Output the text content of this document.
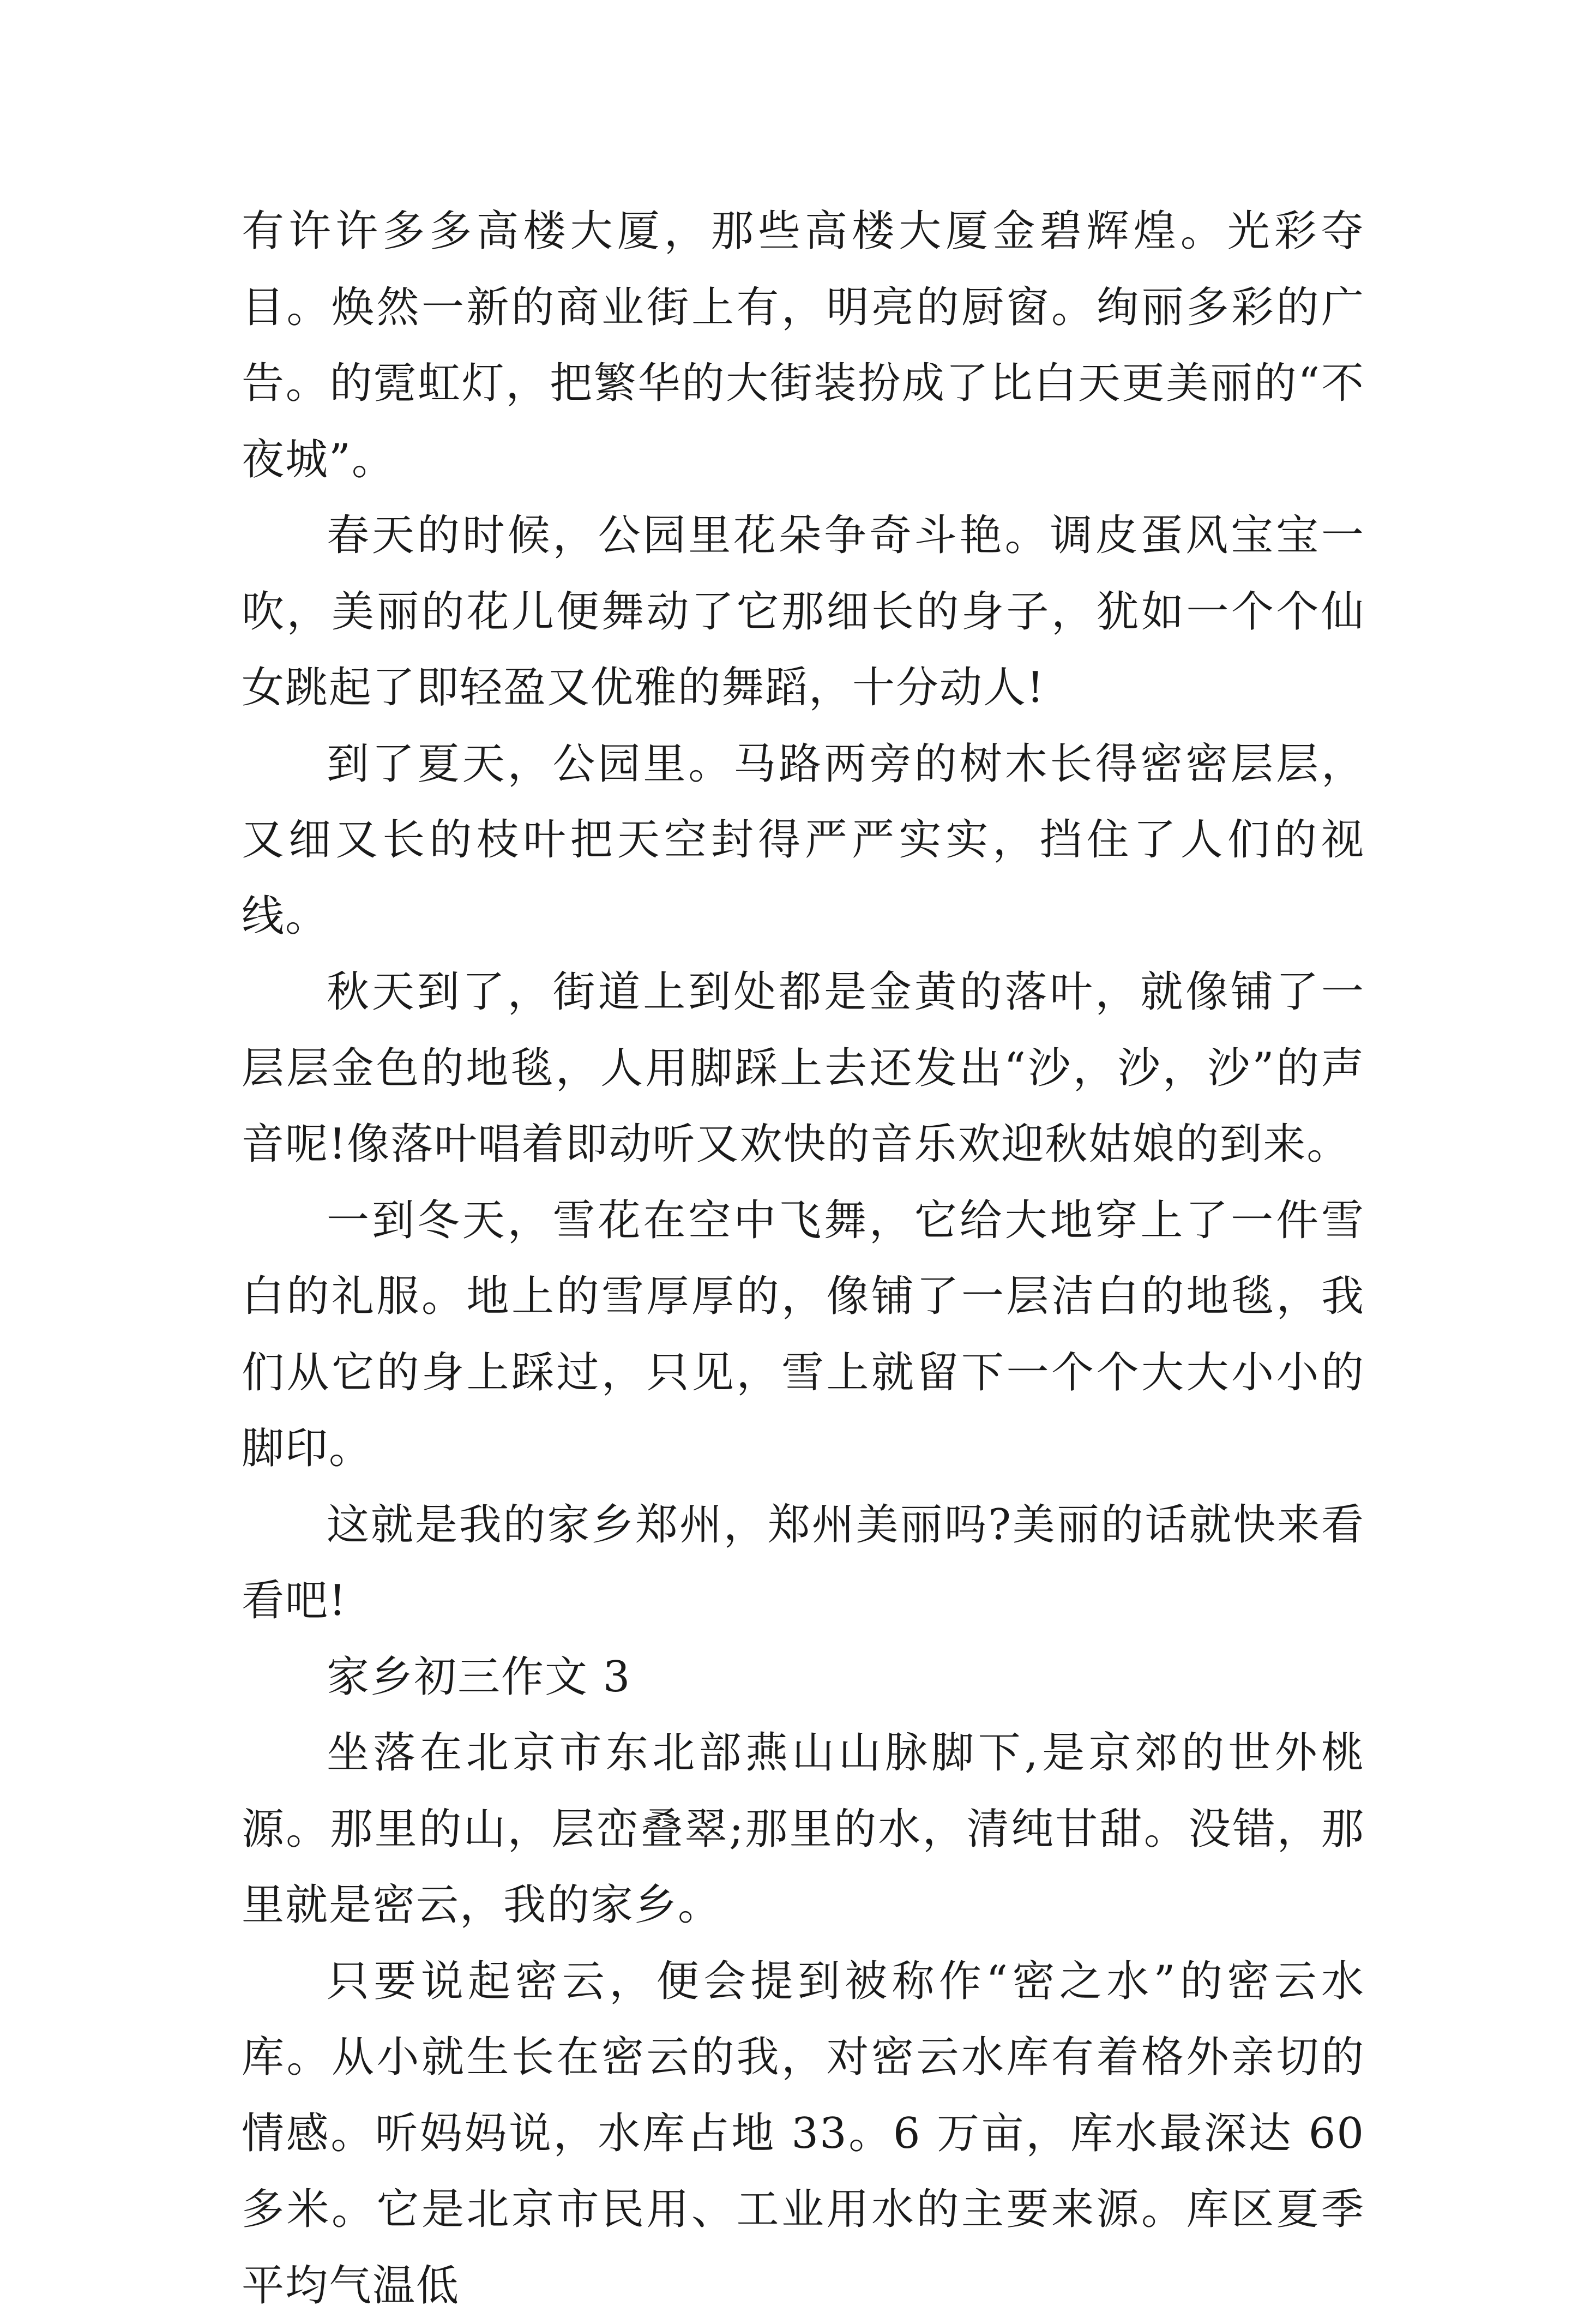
有许许多多高楼大厦，那些高楼大厦金碧辉煌。光彩夺目。焕然一新的商业街上有，明亮的厨窗。绚丽多彩的广告。的霓虹灯，把繁华的大街装扮成了比白天更美丽的“不夜城”。

春天的时候，公园里花朵争奇斗艳。调皮蛋风宝宝一吹，美丽的花儿便舞动了它那细长的身子，犹如一个个仙女跳起了即轻盈又优雅的舞蹈，十分动人!

到了夏天，公园里。马路两旁的树木长得密密层层，又细又长的枝叶把天空封得严严实实，挡住了人们的视线。

秋天到了，街道上到处都是金黄的落叶，就像铺了一层层金色的地毯，人用脚踩上去还发出“沙，沙，沙”的声音呢!像落叶唱着即动听又欢快的音乐欢迎秋姑娘的到来。

一到冬天，雪花在空中飞舞，它给大地穿上了一件雪白的礼服。地上的雪厚厚的，像铺了一层洁白的地毯，我们从它的身上踩过，只见，雪上就留下一个个大大小小的脚印。

这就是我的家乡郑州，郑州美丽吗?美丽的话就快来看看吧!

家乡初三作文 3

坐落在北京市东北部燕山山脉脚下,是京郊的世外桃源。那里的山，层峦叠翠;那里的水，清纯甘甜。没错，那里就是密云，我的家乡。

只要说起密云，便会提到被称作“密之水”的密云水库。从小就生长在密云的我，对密云水库有着格外亲切的情感。听妈妈说，水库占地 33。6 万亩，库水最深达 60 多米。它是北京市民用、工业用水的主要来源。库区夏季平均气温低
